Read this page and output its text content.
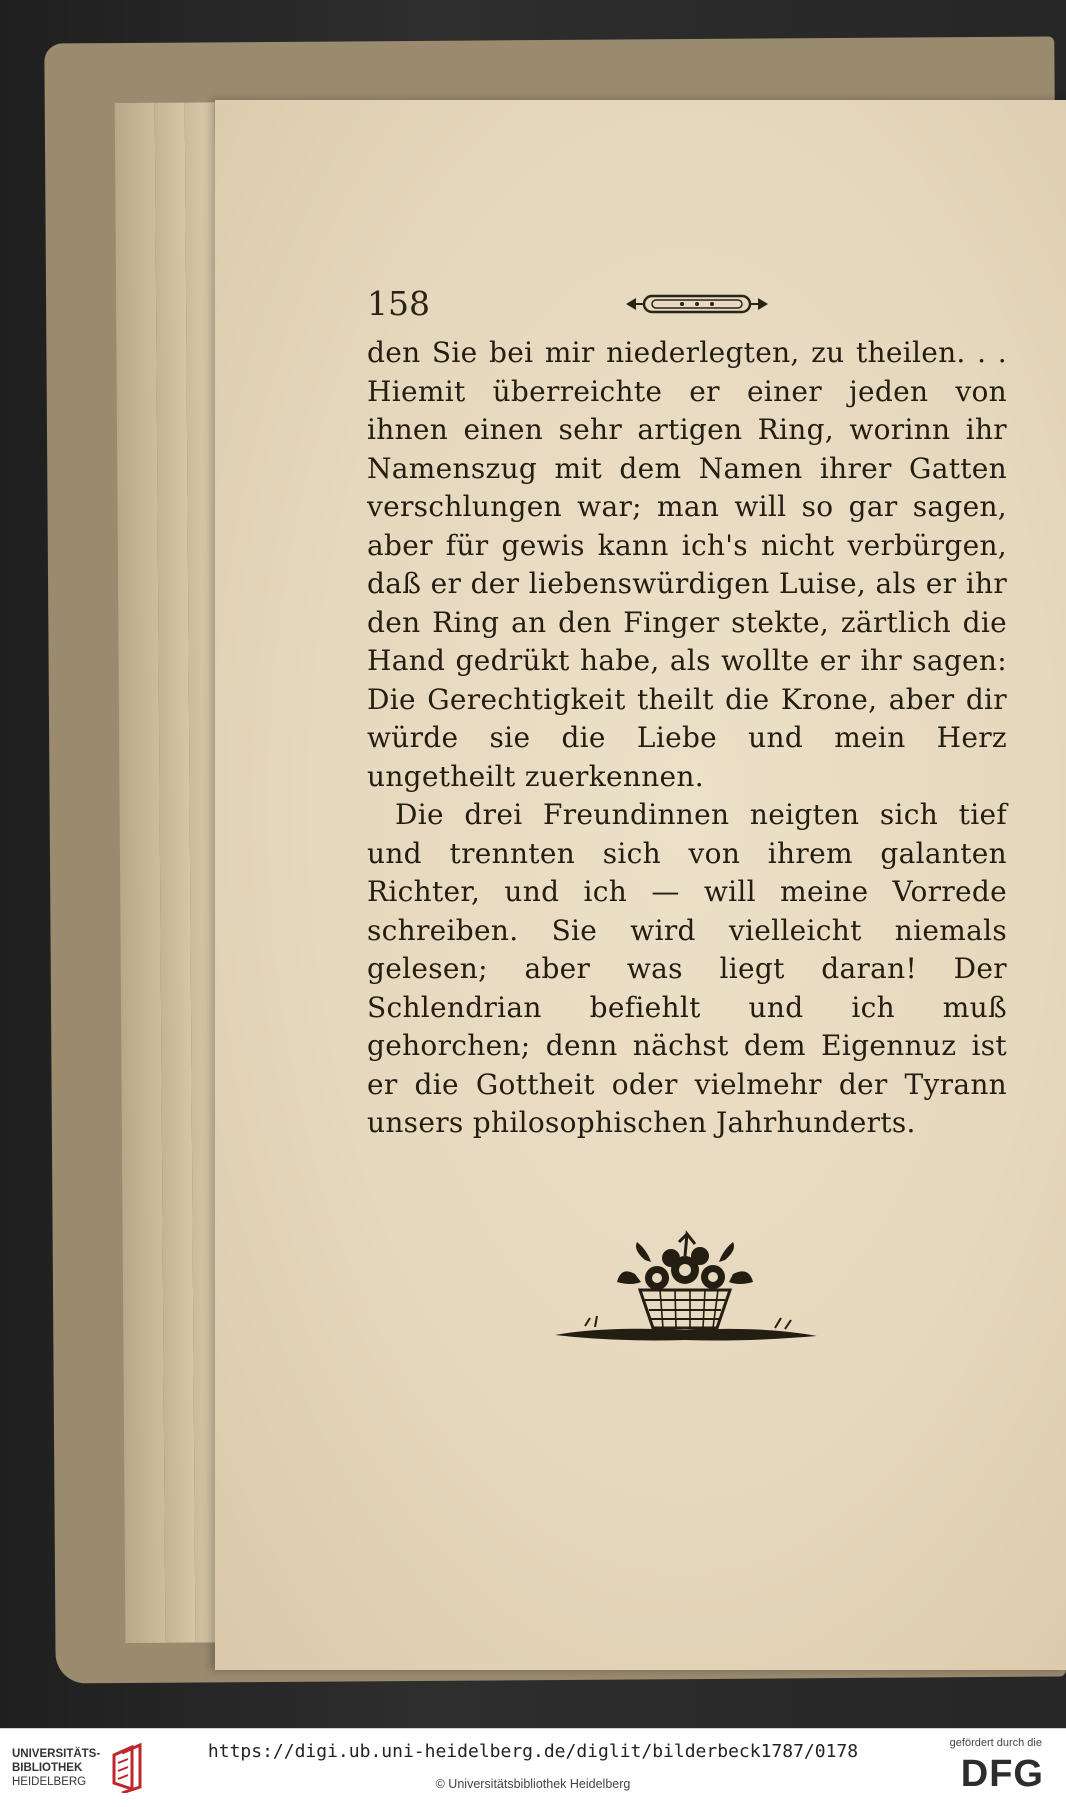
158

den Sie bei mir niederlegten, zu theilen. . . Hiemit überreichte er einer jeden von ihnen einen sehr artigen Ring, worinn ihr Namenszug mit dem Namen ihrer Gatten verschlungen war; man will so gar sagen, aber für gewis kann ich's nicht verbürgen, daß er der liebenswürdigen Luise, als er ihr den Ring an den Finger stekte, zärtlich die Hand gedrükt habe, als wollte er ihr sagen: Die Gerechtigkeit theilt die Krone, aber dir würde sie die Liebe und mein Herz ungetheilt zuerkennen.

Die drei Freundinnen neigten sich tief und trennten sich von ihrem galanten Richter, und ich — will meine Vorrede schreiben. Sie wird vielleicht niemals gelesen; aber was liegt daran! Der Schlendrian befiehlt und ich muß gehorchen; denn nächst dem Eigennuz ist er die Gottheit oder vielmehr der Tyrann unsers philosophischen Jahrhunderts.

UNIVERSITÄTS-
BIBLIOTHEK
HEIDELBERG
https://digi.ub.uni-heidelberg.de/diglit/bilderbeck1787/0178
© Universitätsbibliothek Heidelberg
gefördert durch die
DFG
